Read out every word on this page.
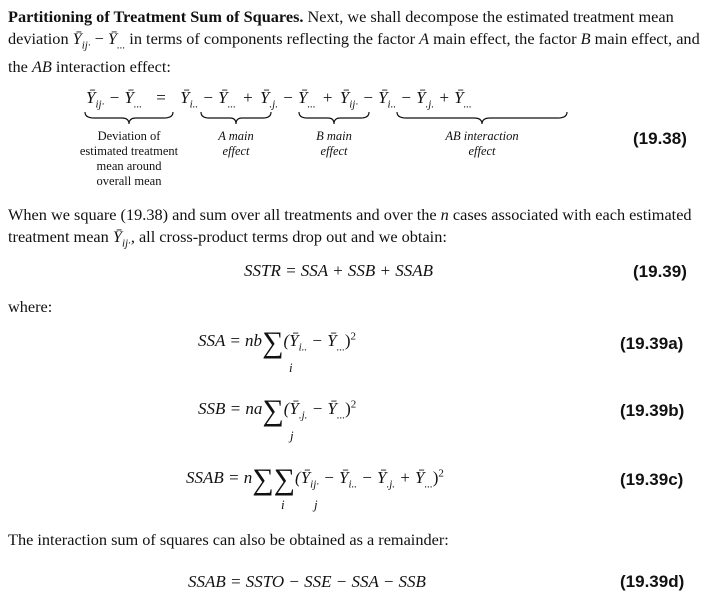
Partitioning of Treatment Sum of Squares. Next, we shall decompose the estimated treatment mean deviation $Ȳ_{ij\cdot}$ − $Ȳ_{...}$ in terms of components reflecting the factor A main effect, the factor B main effect, and the AB interaction effect:

$Ȳ_{ij\cdot}$ − $Ȳ_{...}$ = $Ȳ_{i..}$ − $Ȳ_{...}$ + $Ȳ_{.j.}$ − $Ȳ_{...}$ + $Ȳ_{ij\cdot}$ − $Ȳ_{i..}$ − $Ȳ_{.j.}$ + $Ȳ_{...}$
Deviation of
estimated treatment
mean around
overall mean
A main
effect
B main
effect
AB interaction
effect
(19.38)

When we square (19.38) and sum over all treatments and over the n cases associated with each estimated treatment mean $Ȳ_{ij\cdot}$, all cross-product terms drop out and we obtain:

SSTR = SSA + SSB + SSAB	(19.39)

where:

SSA = $nb\sum(Ȳ_{i..}$ − $Ȳ_{...})^2$
i
(19.39a)
SSB = $na\sum(Ȳ_{.j.}$ − $Ȳ_{...})^2$
j
(19.39b)
SSAB = $n\sum\sum(Ȳ_{ij\cdot}$ − $Ȳ_{i..}$ − $Ȳ_{.j.}$ + $Ȳ_{...})^2$
i j
(19.39c)

The interaction sum of squares can also be obtained as a remainder:

SSAB = SSTO − SSE − SSA − SSB	(19.39d)
